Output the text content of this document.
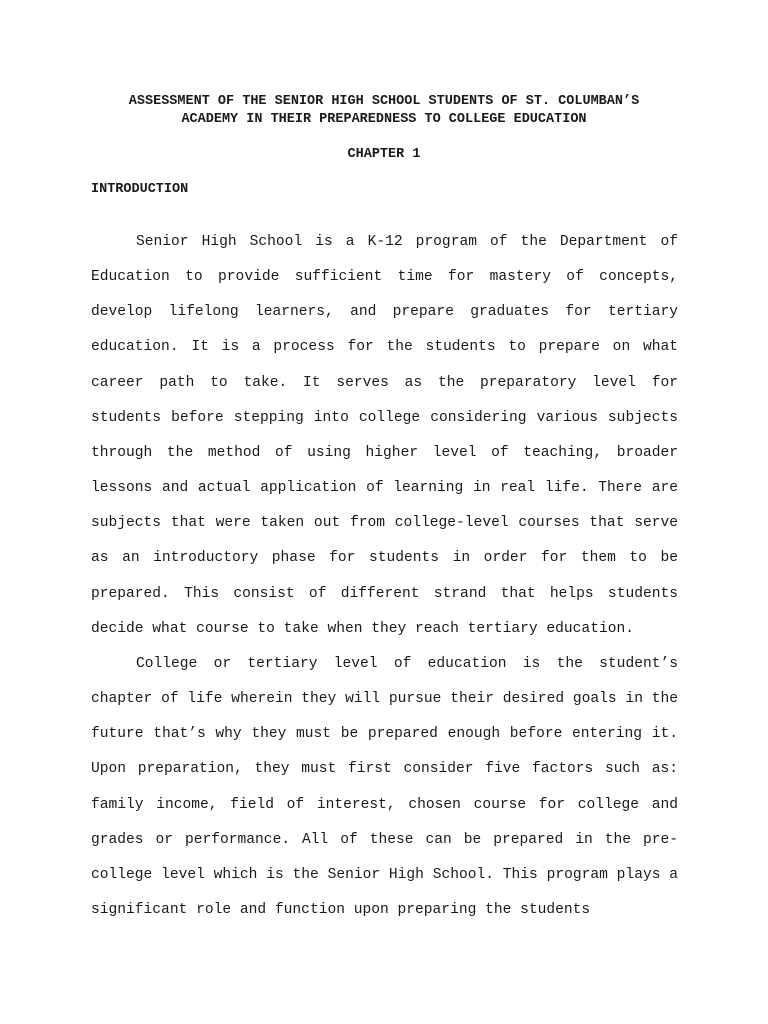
ASSESSMENT OF THE SENIOR HIGH SCHOOL STUDENTS OF ST. COLUMBAN’S
ACADEMY IN THEIR PREPAREDNESS TO COLLEGE EDUCATION
CHAPTER 1
INTRODUCTION

Senior High School is a K-12 program of the Department of Education to provide sufficient time for mastery of concepts, develop lifelong learners, and prepare graduates for tertiary education. It is a process for the students to prepare on what career path to take. It serves as the preparatory level for students before stepping into college considering various subjects through the method of using higher level of teaching, broader lessons and actual application of learning in real life. There are subjects that were taken out from college-level courses that serve as an introductory phase for students in order for them to be prepared. This consist of different strand that helps students decide what course to take when they reach tertiary education.

College or tertiary level of education is the student’s chapter of life wherein they will pursue their desired goals in the future that’s why they must be prepared enough before entering it. Upon preparation, they must first consider five factors such as: family income, field of interest, chosen course for college and grades or performance. All of these can be prepared in the pre- college level which is the Senior High School. This program plays a significant role and function upon preparing the students
